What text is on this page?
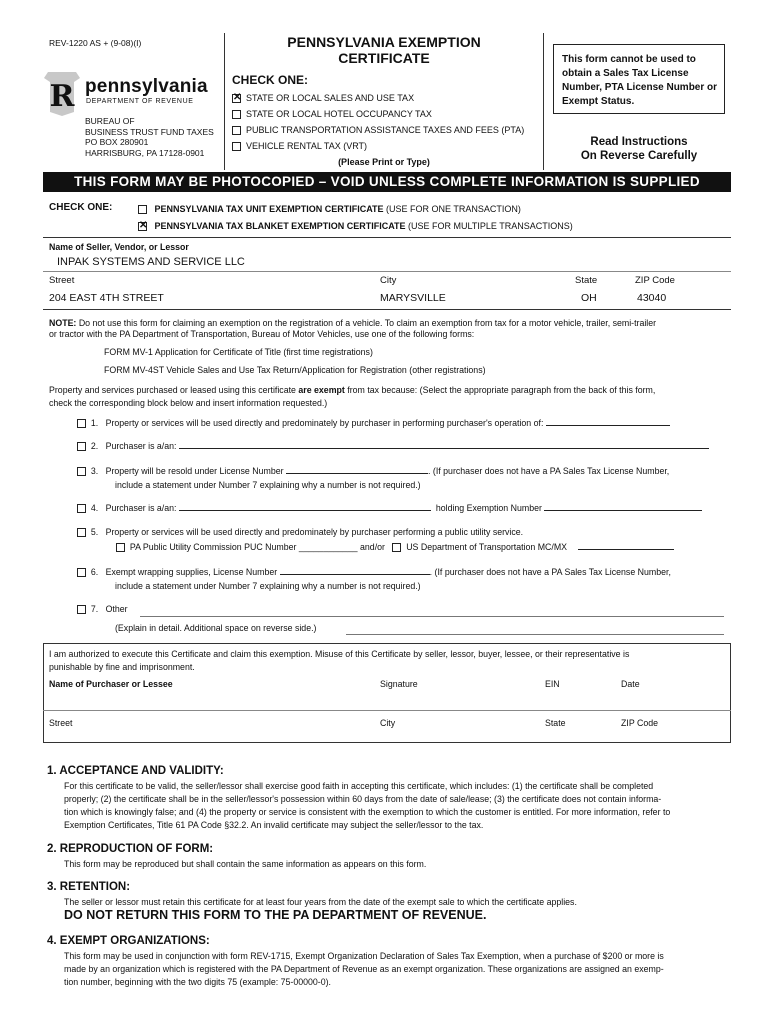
REV-1220 AS + (9-08)(I)
R pennsylvania
DEPARTMENT OF REVENUE
BUREAU OF
BUSINESS TRUST FUND TAXES
PO BOX 280901
HARRISBURG, PA 17128-0901
PENNSYLVANIA EXEMPTION
CERTIFICATE
CHECK ONE:
✕  STATE OR LOCAL SALES AND USE TAX
STATE OR LOCAL HOTEL OCCUPANCY TAX
PUBLIC TRANSPORTATION ASSISTANCE TAXES AND FEES (PTA)
VEHICLE RENTAL TAX (VRT)
(Please Print or Type)
This form cannot be used to obtain a Sales Tax License Number, PTA License Number or Exempt Status.
Read Instructions
On Reverse Carefully
THIS FORM MAY BE PHOTOCOPIED – VOID UNLESS COMPLETE INFORMATION IS SUPPLIED
CHECK ONE:	PENNSYLVANIA TAX UNIT EXEMPTION CERTIFICATE (USE FOR ONE TRANSACTION)
✕   PENNSYLVANIA TAX BLANKET EXEMPTION CERTIFICATE (USE FOR MULTIPLE TRANSACTIONS)
Name of Seller, Vendor, or Lessor
INPAK SYSTEMS AND SERVICE LLC
Street	City	State	ZIP Code
204 EAST 4TH STREET	MARYSVILLE	OH	43040
NOTE: Do not use this form for claiming an exemption on the registration of a vehicle. To claim an exemption from tax for a motor vehicle, trailer, semi-trailer
or tractor with the PA Department of Transportation, Bureau of Motor Vehicles, use one of the following forms:
FORM MV-1 Application for Certificate of Title (first time registrations)
FORM MV-4ST Vehicle Sales and Use Tax Return/Application for Registration (other registrations)
Property and services purchased or leased using this certificate are exempt from tax because: (Select the appropriate paragraph from the back of this form,
check the corresponding block below and insert information requested.)
1. Property or services will be used directly and predominately by purchaser in performing purchaser's operation of:
2. Purchaser is a/an:
3. Property will be resold under License Number	. (If purchaser does not have a PA Sales Tax License Number,
include a statement under Number 7 explaining why a number is not required.)
4. Purchaser is a/an:	holding Exemption Number
5. Property or services will be used directly and predominately by purchaser performing a public utility service.
PA Public Utility Commission PUC Number ____________ and/or US Department of Transportation MC/MX
6. Exempt wrapping supplies, License Number	. (If purchaser does not have a PA Sales Tax License Number,
include a statement under Number 7 explaining why a number is not required.)
7. Other
(Explain in detail. Additional space on reverse side.)
I am authorized to execute this Certificate and claim this exemption. Misuse of this Certificate by seller, lessor, buyer, lessee, or their representative is
punishable by fine and imprisonment.
Name of Purchaser or Lessee	Signature	EIN	Date
Street	City	State	ZIP Code
1. ACCEPTANCE AND VALIDITY:
For this certificate to be valid, the seller/lessor shall exercise good faith in accepting this certificate, which includes: (1) the certificate shall be completed
properly; (2) the certificate shall be in the seller/lessor's possession within 60 days from the date of sale/lease; (3) the certificate does not contain informa-
tion which is knowingly false; and (4) the property or service is consistent with the exemption to which the customer is entitled. For more information, refer to
Exemption Certificates, Title 61 PA Code §32.2. An invalid certificate may subject the seller/lessor to the tax.
2. REPRODUCTION OF FORM:
This form may be reproduced but shall contain the same information as appears on this form.
3. RETENTION:
The seller or lessor must retain this certificate for at least four years from the date of the exempt sale to which the certificate applies.
DO NOT RETURN THIS FORM TO THE PA DEPARTMENT OF REVENUE.
4. EXEMPT ORGANIZATIONS:
This form may be used in conjunction with form REV-1715, Exempt Organization Declaration of Sales Tax Exemption, when a purchase of $200 or more is
made by an organization which is registered with the PA Department of Revenue as an exempt organization. These organizations are assigned an exemp-
tion number, beginning with the two digits 75 (example: 75-00000-0).
